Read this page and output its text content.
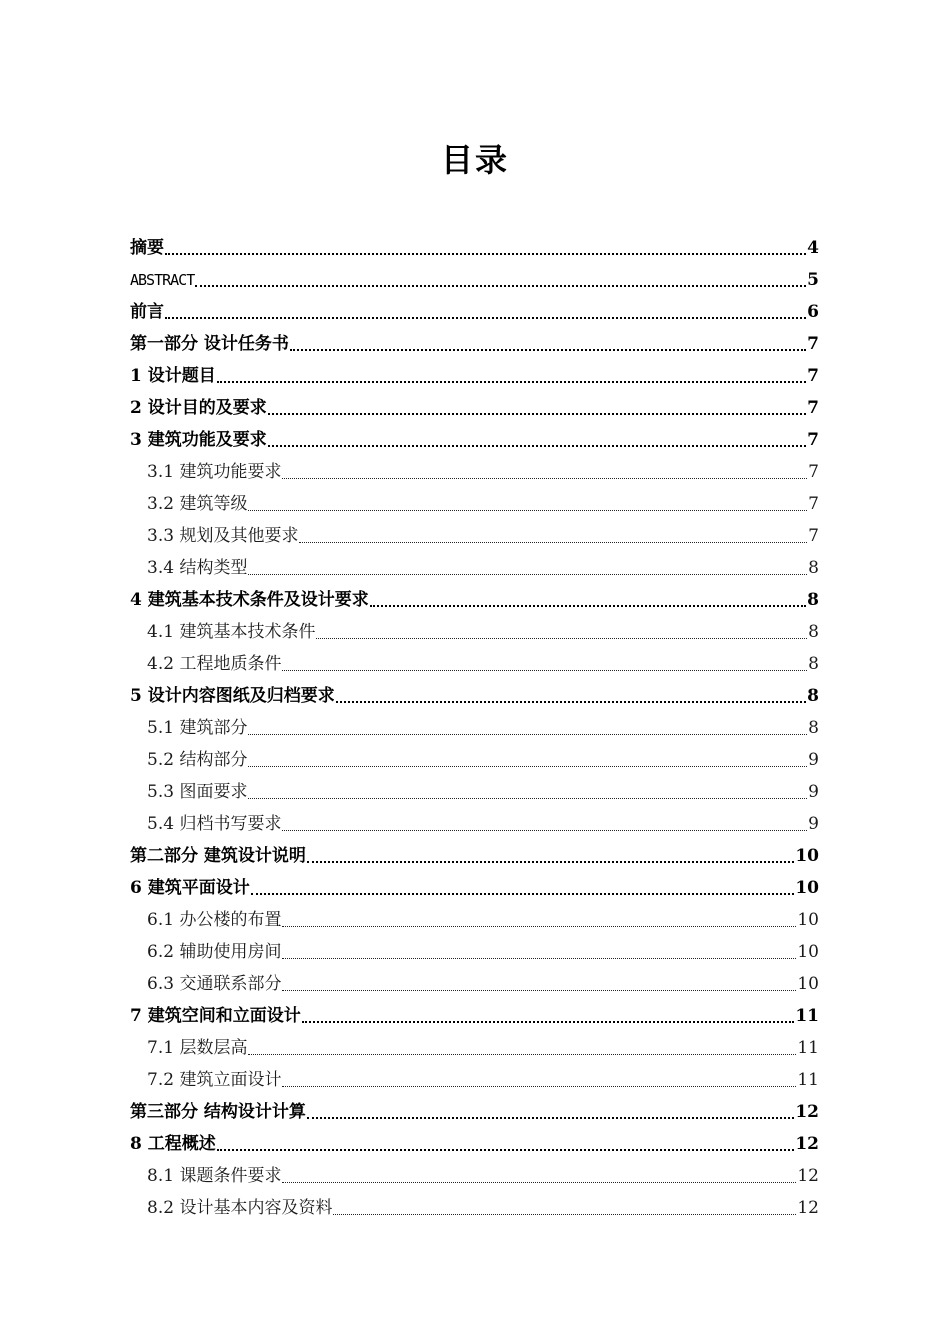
目录
摘要	4
ABSTRACT	5
前言	6
第一部分 设计任务书	7
1 设计题目	7
2 设计目的及要求	7
3 建筑功能及要求	7
3.1 建筑功能要求	7
3.2 建筑等级	7
3.3 规划及其他要求	7
3.4 结构类型	8
4 建筑基本技术条件及设计要求	8
4.1 建筑基本技术条件	8
4.2 工程地质条件	8
5 设计内容图纸及归档要求	8
5.1 建筑部分	8
5.2 结构部分	9
5.3 图面要求	9
5.4 归档书写要求	9
第二部分 建筑设计说明	10
6 建筑平面设计	10
6.1 办公楼的布置	10
6.2 辅助使用房间	10
6.3 交通联系部分	10
7 建筑空间和立面设计	11
7.1 层数层高	11
7.2 建筑立面设计	11
第三部分 结构设计计算	12
8 工程概述	12
8.1 课题条件要求	12
8.2 设计基本内容及资料	12
